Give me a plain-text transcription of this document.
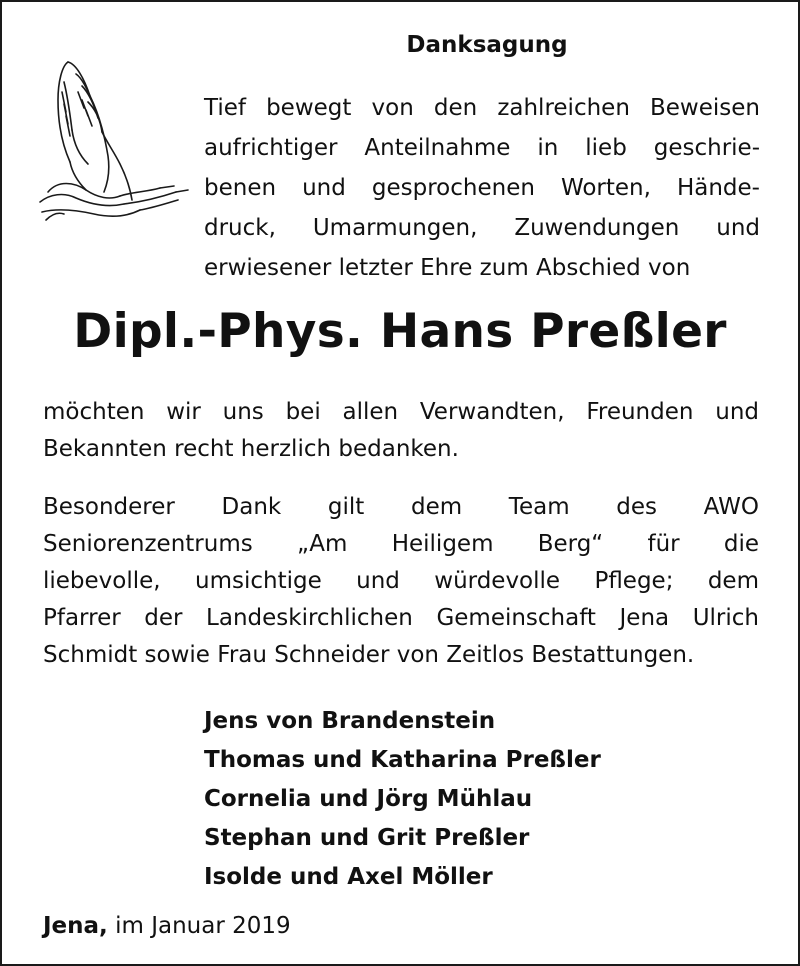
Danksagung
Tief bewegt von den zahlreichen Beweisen
aufrichtiger Anteilnahme in lieb geschrie-
benen und gesprochenen Worten, Hände-
druck, Umarmungen, Zuwendungen und
erwiesener letzter Ehre zum Abschied von
Dipl.-Phys. Hans Preßler
möchten wir uns bei allen Verwandten, Freunden und
Bekannten recht herzlich bedanken.
Besonderer Dank gilt dem Team des AWO
Seniorenzentrums „Am Heiligem Berg“ für die
liebevolle, umsichtige und würdevolle Pflege; dem
Pfarrer der Landeskirchlichen Gemeinschaft Jena Ulrich
Schmidt sowie Frau Schneider von Zeitlos Bestattungen.
Jens von Brandenstein
Thomas und Katharina Preßler
Cornelia und Jörg Mühlau
Stephan und Grit Preßler
Isolde und Axel Möller
Jena, im Januar 2019
